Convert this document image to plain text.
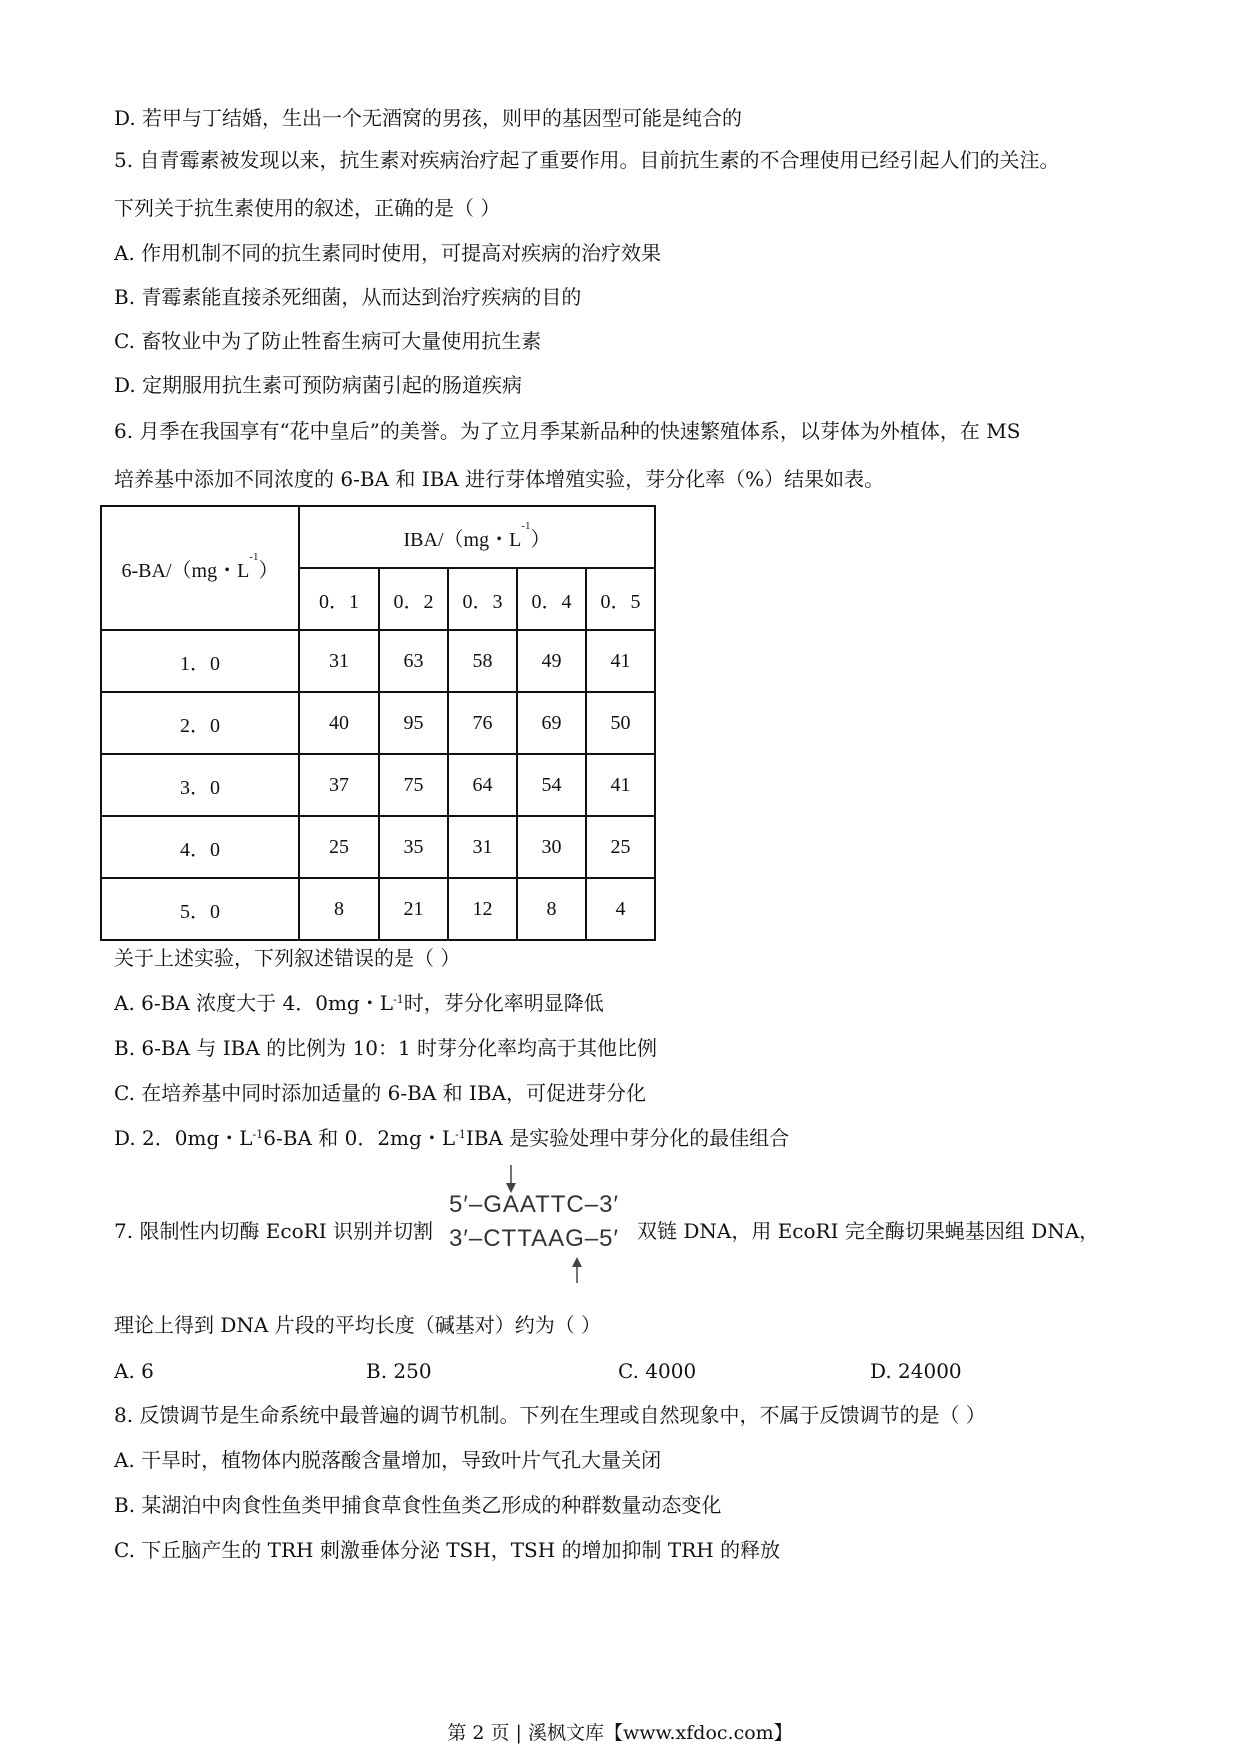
D. 若甲与丁结婚，生出一个无酒窝的男孩，则甲的基因型可能是纯合的
5. 自青霉素被发现以来，抗生素对疾病治疗起了重要作用。目前抗生素的不合理使用已经引起人们的关注。
下列关于抗生素使用的叙述，正确的是（ ）
A. 作用机制不同的抗生素同时使用，可提高对疾病的治疗效果
B. 青霉素能直接杀死细菌，从而达到治疗疾病的目的
C. 畜牧业中为了防止牲畜生病可大量使用抗生素
D. 定期服用抗生素可预防病菌引起的肠道疾病
6. 月季在我国享有“花中皇后”的美誉。为了立月季某新品种的快速繁殖体系，以芽体为外植体，在 MS
培养基中添加不同浓度的 6-BA 和 IBA 进行芽体增殖实验，芽分化率（%）结果如表。
6-BA/（mg・$L^{-1}$）	IBA/（mg・$L^{-1}$）				
	0．1	0．2	0．3	0．4	0．5
1．0	31	63	58	49	41
2．0	40	95	76	69	50
3．0	37	75	64	54	41
4．0	25	35	31	30	25
5．0	8	21	12	8	4
关于上述实验，下列叙述错误的是（ ）
A. 6-BA 浓度大于 4．0mg・$L^{-1}$时，芽分化率明显降低
B. 6-BA 与 IBA 的比例为 10：1 时芽分化率均高于其他比例
C. 在培养基中同时添加适量的 6-BA 和 IBA，可促进芽分化
D. 2．0mg・$L^{-1}6-BA$ 和 0．2mg・$L^{-1}IBA$ 是实验处理中芽分化的最佳组合
7. 限制性内切酶 EcoRI 识别并切割
5′–GAATTC–3′
3′–CTTAAG–5′ 双链 DNA，用 EcoRI 完全酶切果蝇基因组 DNA，
理论上得到 DNA 片段的平均长度（碱基对）约为（ ）
A. 6	B. 250	C. 4000	D. 24000
8. 反馈调节是生命系统中最普遍的调节机制。下列在生理或自然现象中，不属于反馈调节的是（ ）
A. 干旱时，植物体内脱落酸含量增加，导致叶片气孔大量关闭
B. 某湖泊中肉食性鱼类甲捕食草食性鱼类乙形成的种群数量动态变化
C. 下丘脑产生的 TRH 刺激垂体分泌 TSH，TSH 的增加抑制 TRH 的释放
第 2 页 | 溪枫文库【www.xfdoc.com】
